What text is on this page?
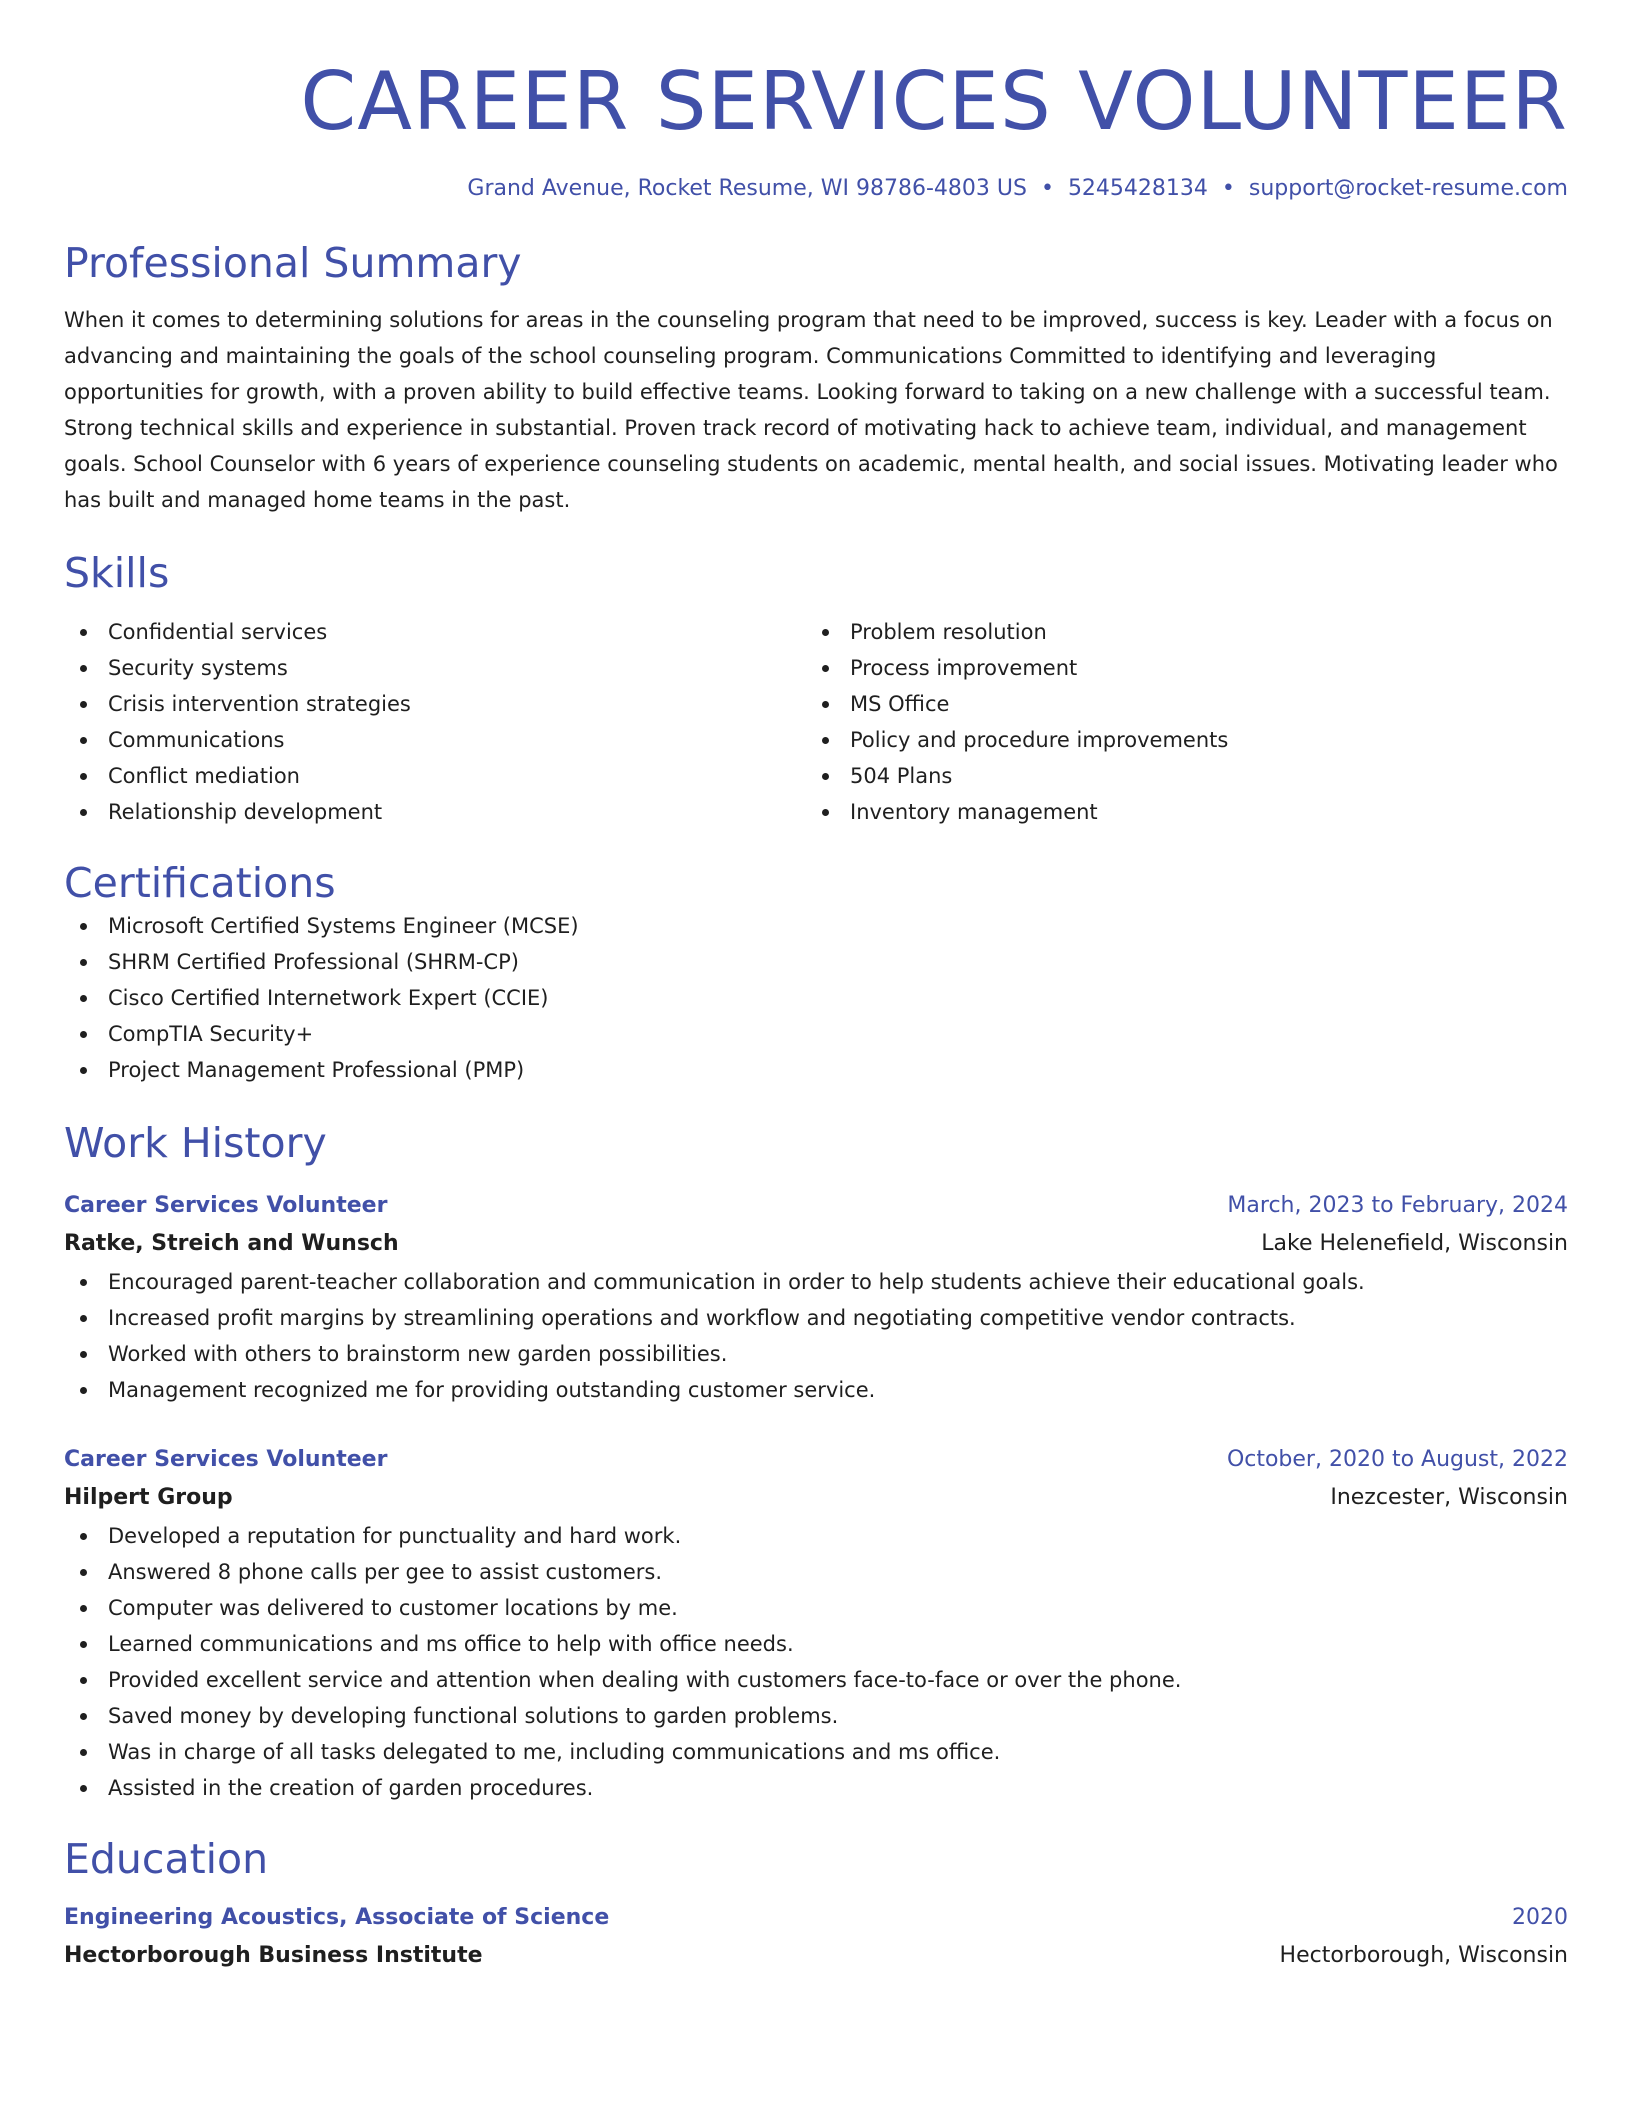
CAREER SERVICES VOLUNTEER
Grand Avenue, Rocket Resume, WI 98786-4803 US • 5245428134 • support@rocket-resume.com
Professional Summary
When it comes to determining solutions for areas in the counseling program that need to be improved, success is key. Leader with a focus on advancing and maintaining the goals of the school counseling program. Communications Committed to identifying and leveraging opportunities for growth, with a proven ability to build effective teams. Looking forward to taking on a new challenge with a successful team. Strong technical skills and experience in substantial. Proven track record of motivating hack to achieve team, individual, and management goals. School Counselor with 6 years of experience counseling students on academic, mental health, and social issues. Motivating leader who has built and managed home teams in the past.
Skills
Confidential services
Security systems
Crisis intervention strategies
Communications
Conflict mediation
Relationship development
Problem resolution
Process improvement
MS Office
Policy and procedure improvements
504 Plans
Inventory management
Certifications
Microsoft Certified Systems Engineer (MCSE)
SHRM Certified Professional (SHRM-CP)
Cisco Certified Internetwork Expert (CCIE)
CompTIA Security+
Project Management Professional (PMP)
Work History
Career Services Volunteer	March, 2023 to February, 2024
Ratke, Streich and Wunsch	Lake Helenefield, Wisconsin
Encouraged parent-teacher collaboration and communication in order to help students achieve their educational goals.
Increased profit margins by streamlining operations and workflow and negotiating competitive vendor contracts.
Worked with others to brainstorm new garden possibilities.
Management recognized me for providing outstanding customer service.
Career Services Volunteer	October, 2020 to August, 2022
Hilpert Group	Inezcester, Wisconsin
Developed a reputation for punctuality and hard work.
Answered 8 phone calls per gee to assist customers.
Computer was delivered to customer locations by me.
Learned communications and ms office to help with office needs.
Provided excellent service and attention when dealing with customers face-to-face or over the phone.
Saved money by developing functional solutions to garden problems.
Was in charge of all tasks delegated to me, including communications and ms office.
Assisted in the creation of garden procedures.
Education
Engineering Acoustics, Associate of Science	2020
Hectorborough Business Institute	Hectorborough, Wisconsin
